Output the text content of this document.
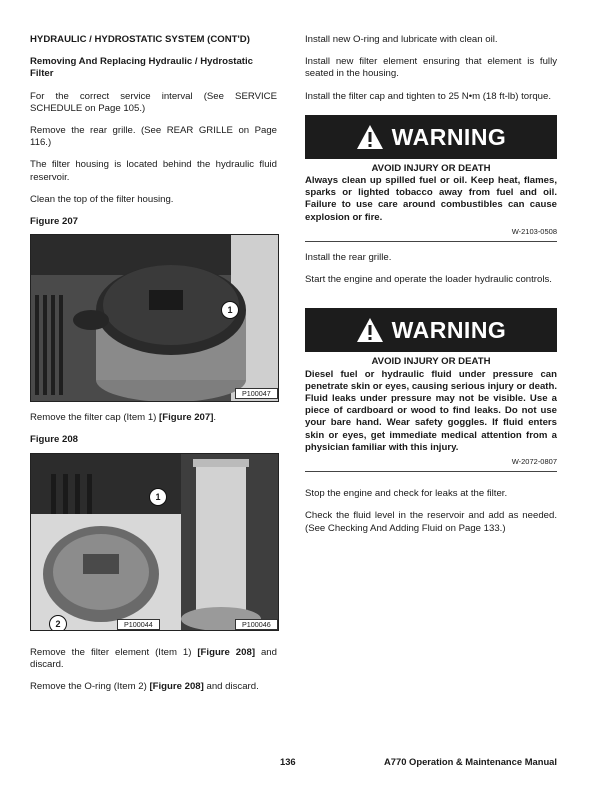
HYDRAULIC / HYDROSTATIC SYSTEM (CONT'D)

Removing And Replacing Hydraulic / Hydrostatic Filter

For the correct service interval (See SERVICE SCHEDULE on Page 105.)

Remove the rear grille. (See REAR GRILLE on Page 116.)

The filter housing is located behind the hydraulic fluid reservoir.

Clean the top of the filter housing.

Figure 207

1
P100047

Remove the filter cap (Item 1) [Figure 207].

Figure 208

1
2	P100044	P100046

Remove the filter element (Item 1) [Figure 208] and discard.

Remove the O-ring (Item 2) [Figure 208] and discard.

Install new O-ring and lubricate with clean oil.

Install new filter element ensuring that element is fully seated in the housing.

Install the filter cap and tighten to 25 N•m (18 ft-lb) torque.

WARNING

AVOID INJURY OR DEATH

Always clean up spilled fuel or oil. Keep heat, flames, sparks or lighted tobacco away from fuel and oil. Failure to use care around combustibles can cause explosion or fire.

W-2103-0508

Install the rear grille.

Start the engine and operate the loader hydraulic controls.

WARNING

AVOID INJURY OR DEATH

Diesel fuel or hydraulic fluid under pressure can penetrate skin or eyes, causing serious injury or death. Fluid leaks under pressure may not be visible. Use a piece of cardboard or wood to find leaks. Do not use your bare hand. Wear safety goggles. If fluid enters skin or eyes, get immediate medical attention from a physician familiar with this injury.

W-2072-0807

Stop the engine and check for leaks at the filter.

Check the fluid level in the reservoir and add as needed. (See Checking And Adding Fluid on Page 133.)

136	A770 Operation & Maintenance Manual
